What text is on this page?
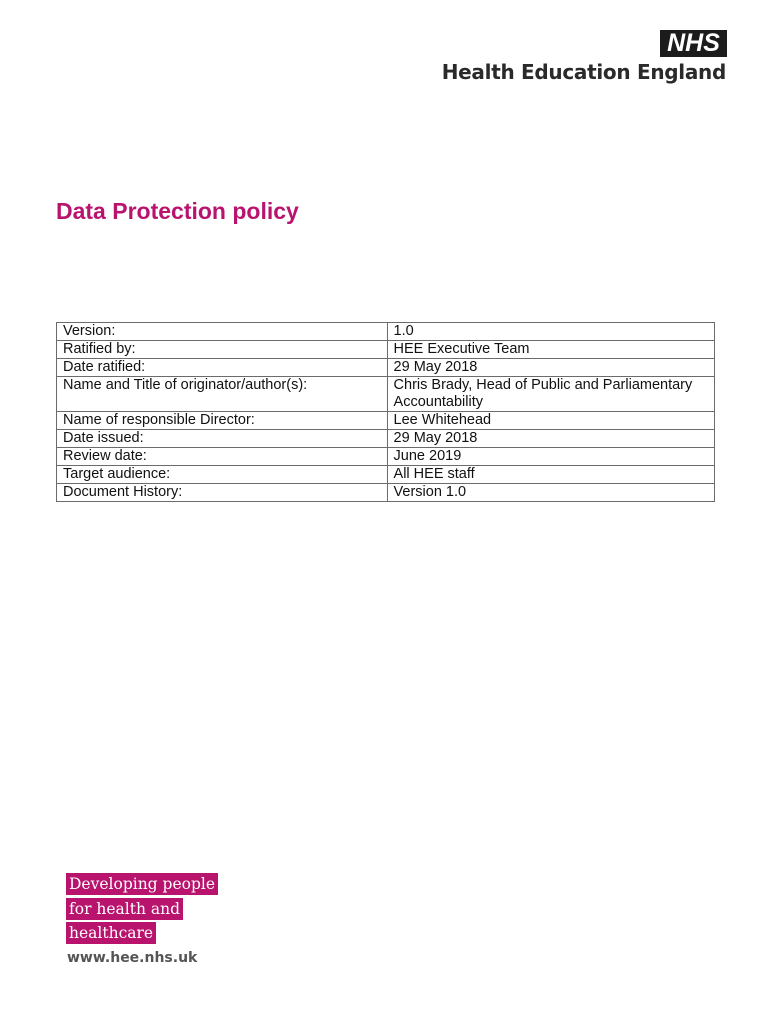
NHS
Health Education England
Data Protection policy
Version:	1.0
Ratified by:	HEE Executive Team
Date ratified:	29 May 2018
Name and Title of originator/author(s):	Chris Brady, Head of Public and Parliamentary Accountability
Name of responsible Director:	Lee Whitehead
Date issued:	29 May 2018
Review date:	June 2019
Target audience:	All HEE staff
Document History:	Version 1.0
Developing people
for health and
healthcare
www.hee.nhs.uk
